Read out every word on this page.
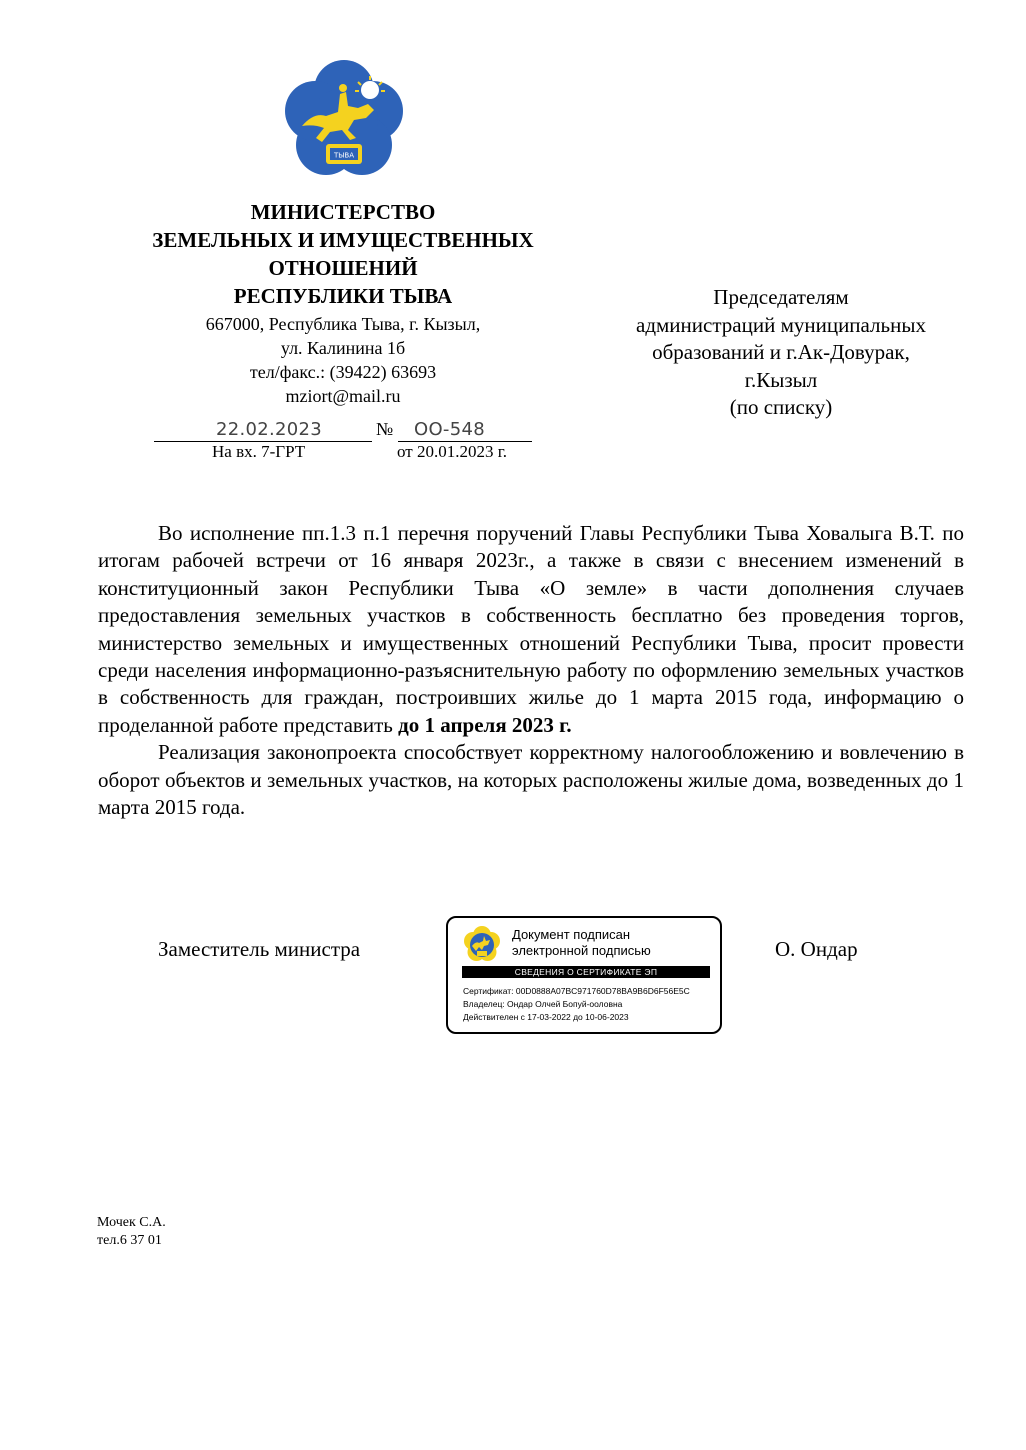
ТЫВА
МИНИСТЕРСТВО
ЗЕМЕЛЬНЫХ И ИМУЩЕСТВЕННЫХ
ОТНОШЕНИЙ
РЕСПУБЛИКИ ТЫВА
667000, Республика Тыва, г. Кызыл,
ул. Калинина 1б
тел/факс.: (39422) 63693
mziort@mail.ru
22.02.2023	№ ОО-548
На вх. 7-ГРТ	от 20.01.2023 г.
Председателям
администраций муниципальных
образований и г.Ак-Довурак,
г.Кызыл
(по списку)

Во исполнение пп.1.3 п.1 перечня поручений Главы Республики Тыва Ховалыга В.Т. по итогам рабочей встречи от 16 января 2023г., а также в связи с внесением изменений в конституционный закон Республики Тыва «О земле» в части дополнения случаев предоставления земельных участков в собственность бесплатно без проведения торгов, министерство земельных и имущественных отношений Республики Тыва, просит провести среди населения информационно-разъяснительную работу по оформлению земельных участков в собственность для граждан, построивших жилье до 1 марта 2015 года, информацию о проделанной работе представить до 1 апреля 2023 г.

Реализация законопроекта способствует корректному налогообложению и вовлечению в оборот объектов и земельных участков, на которых расположены жилые дома, возведенных до 1 марта 2015 года.

Заместитель министра
Документ подписан
электронной подписью
СВЕДЕНИЯ О СЕРТИФИКАТЕ ЭП
Сертификат: 00D0888A07BC971760D78BA9B6D6F56E5C
Владелец: Ондар Олчей Бопуй-ооловна
Действителен с 17-03-2022 до 10-06-2023
О. Ондар
Мочек С.А.
тел.6 37 01
